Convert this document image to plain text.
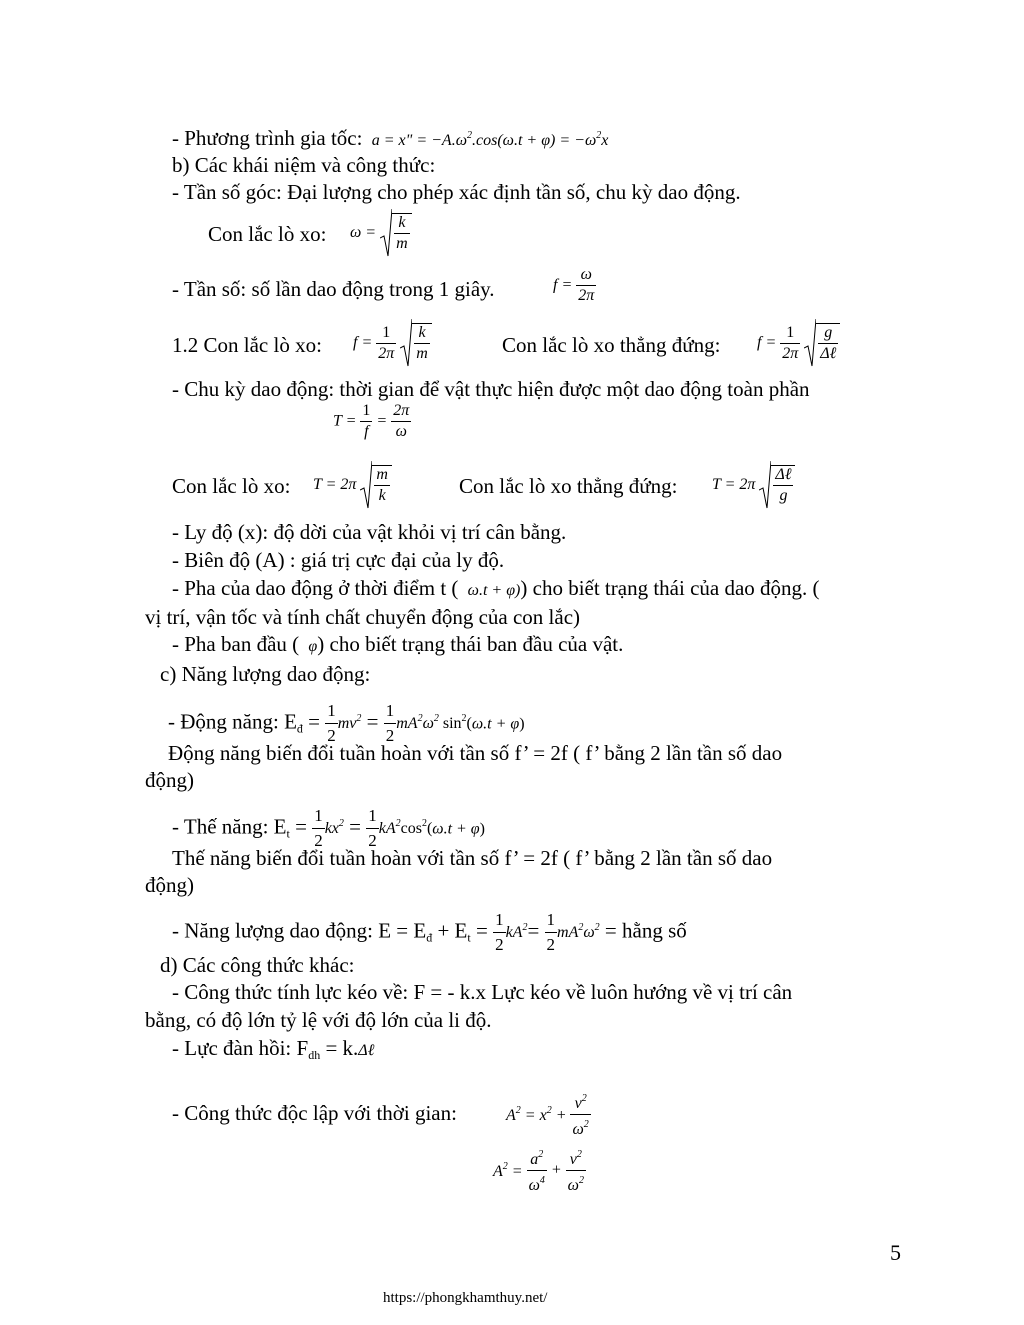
- Phương trình gia tốc:  a = x" = $-A.\omega^2.\cos(\omega.t + \varphi) = -\omega^2x$
b) Các khái niệm và công thức:
- Tần số góc: Đại lượng cho phép xác định tần số, chu kỳ dao động.
Con lắc lò xo: $\omega = \frac{k}{m}$
- Tần số: số lần dao động trong 1 giây.	$f = \frac{\omega}{2\pi}$
1.2 Con lắc lò xo: $f = \frac{1}{2\pi}$
$\frac{k}{m}$	Con lắc lò xo thẳng đứng: $f = \frac{1}{2\pi}$
$\frac{g}{\text{Δℓ}}$
- Chu kỳ dao động: thời gian để vật thực hiện được một dao động toàn phần
$T = \frac{1}{f} = \frac{2\pi}{\omega}$
Con lắc lò xo: $T = 2\pi \frac{m}{k}$	Con lắc lò xo thẳng đứng: $T = 2\pi \frac{\text{Δℓ}}{g}$
- Ly độ (x): độ dời của vật khỏi vị trí cân bằng.
- Biên độ (A) : giá trị cực đại của ly độ.
- Pha của dao động ở thời điểm t (  ω.t + φ)) cho biết trạng thái của dao động. (
vị trí, vận tốc và tính chất chuyển động của con lắc)
- Pha ban đầu (  φ) cho biết trạng thái ban đầu của vật.
c) Năng lượng dao động:
- Động năng: $E_đ = \frac{1}{2} mv^2 = \frac{1}{2} mA^2\omega^2$ $\sin^2(\omega.t + \varphi)$
Động năng biến đổi tuần hoàn với tần số f’ = 2f ( f’ bằng 2 lần tần số dao
động)
- Thế năng: $E_t = \frac{1}{2} kx^2 = \frac{1}{2} kA^2\cos^2(\omega.t + \varphi)$
Thế năng biến đổi tuần hoàn với tần số f’ = 2f ( f’ bằng 2 lần tần số dao
động)
- Năng lượng dao động: $E = E_đ + E_t = \frac{1}{2} kA^2= \frac{1}{2} mA^2\omega^2$ = hằng số
d) Các công thức khác:
- Công thức tính lực kéo về: F = - k.x Lực kéo về luôn hướng về vị trí cân
bằng, có độ lớn tỷ lệ với độ lớn của li độ.
- Lực đàn hồi: $F_{dh}$ = k.Δℓ
- Công thức độc lập với thời gian:	$A^2 = x^2 + \frac{v^2}{\omega^2}$
$A^2 = \frac{a^2}{\omega^4} + \frac{v^2}{\omega^2}$
5
https://phongkhamthuy.net/
